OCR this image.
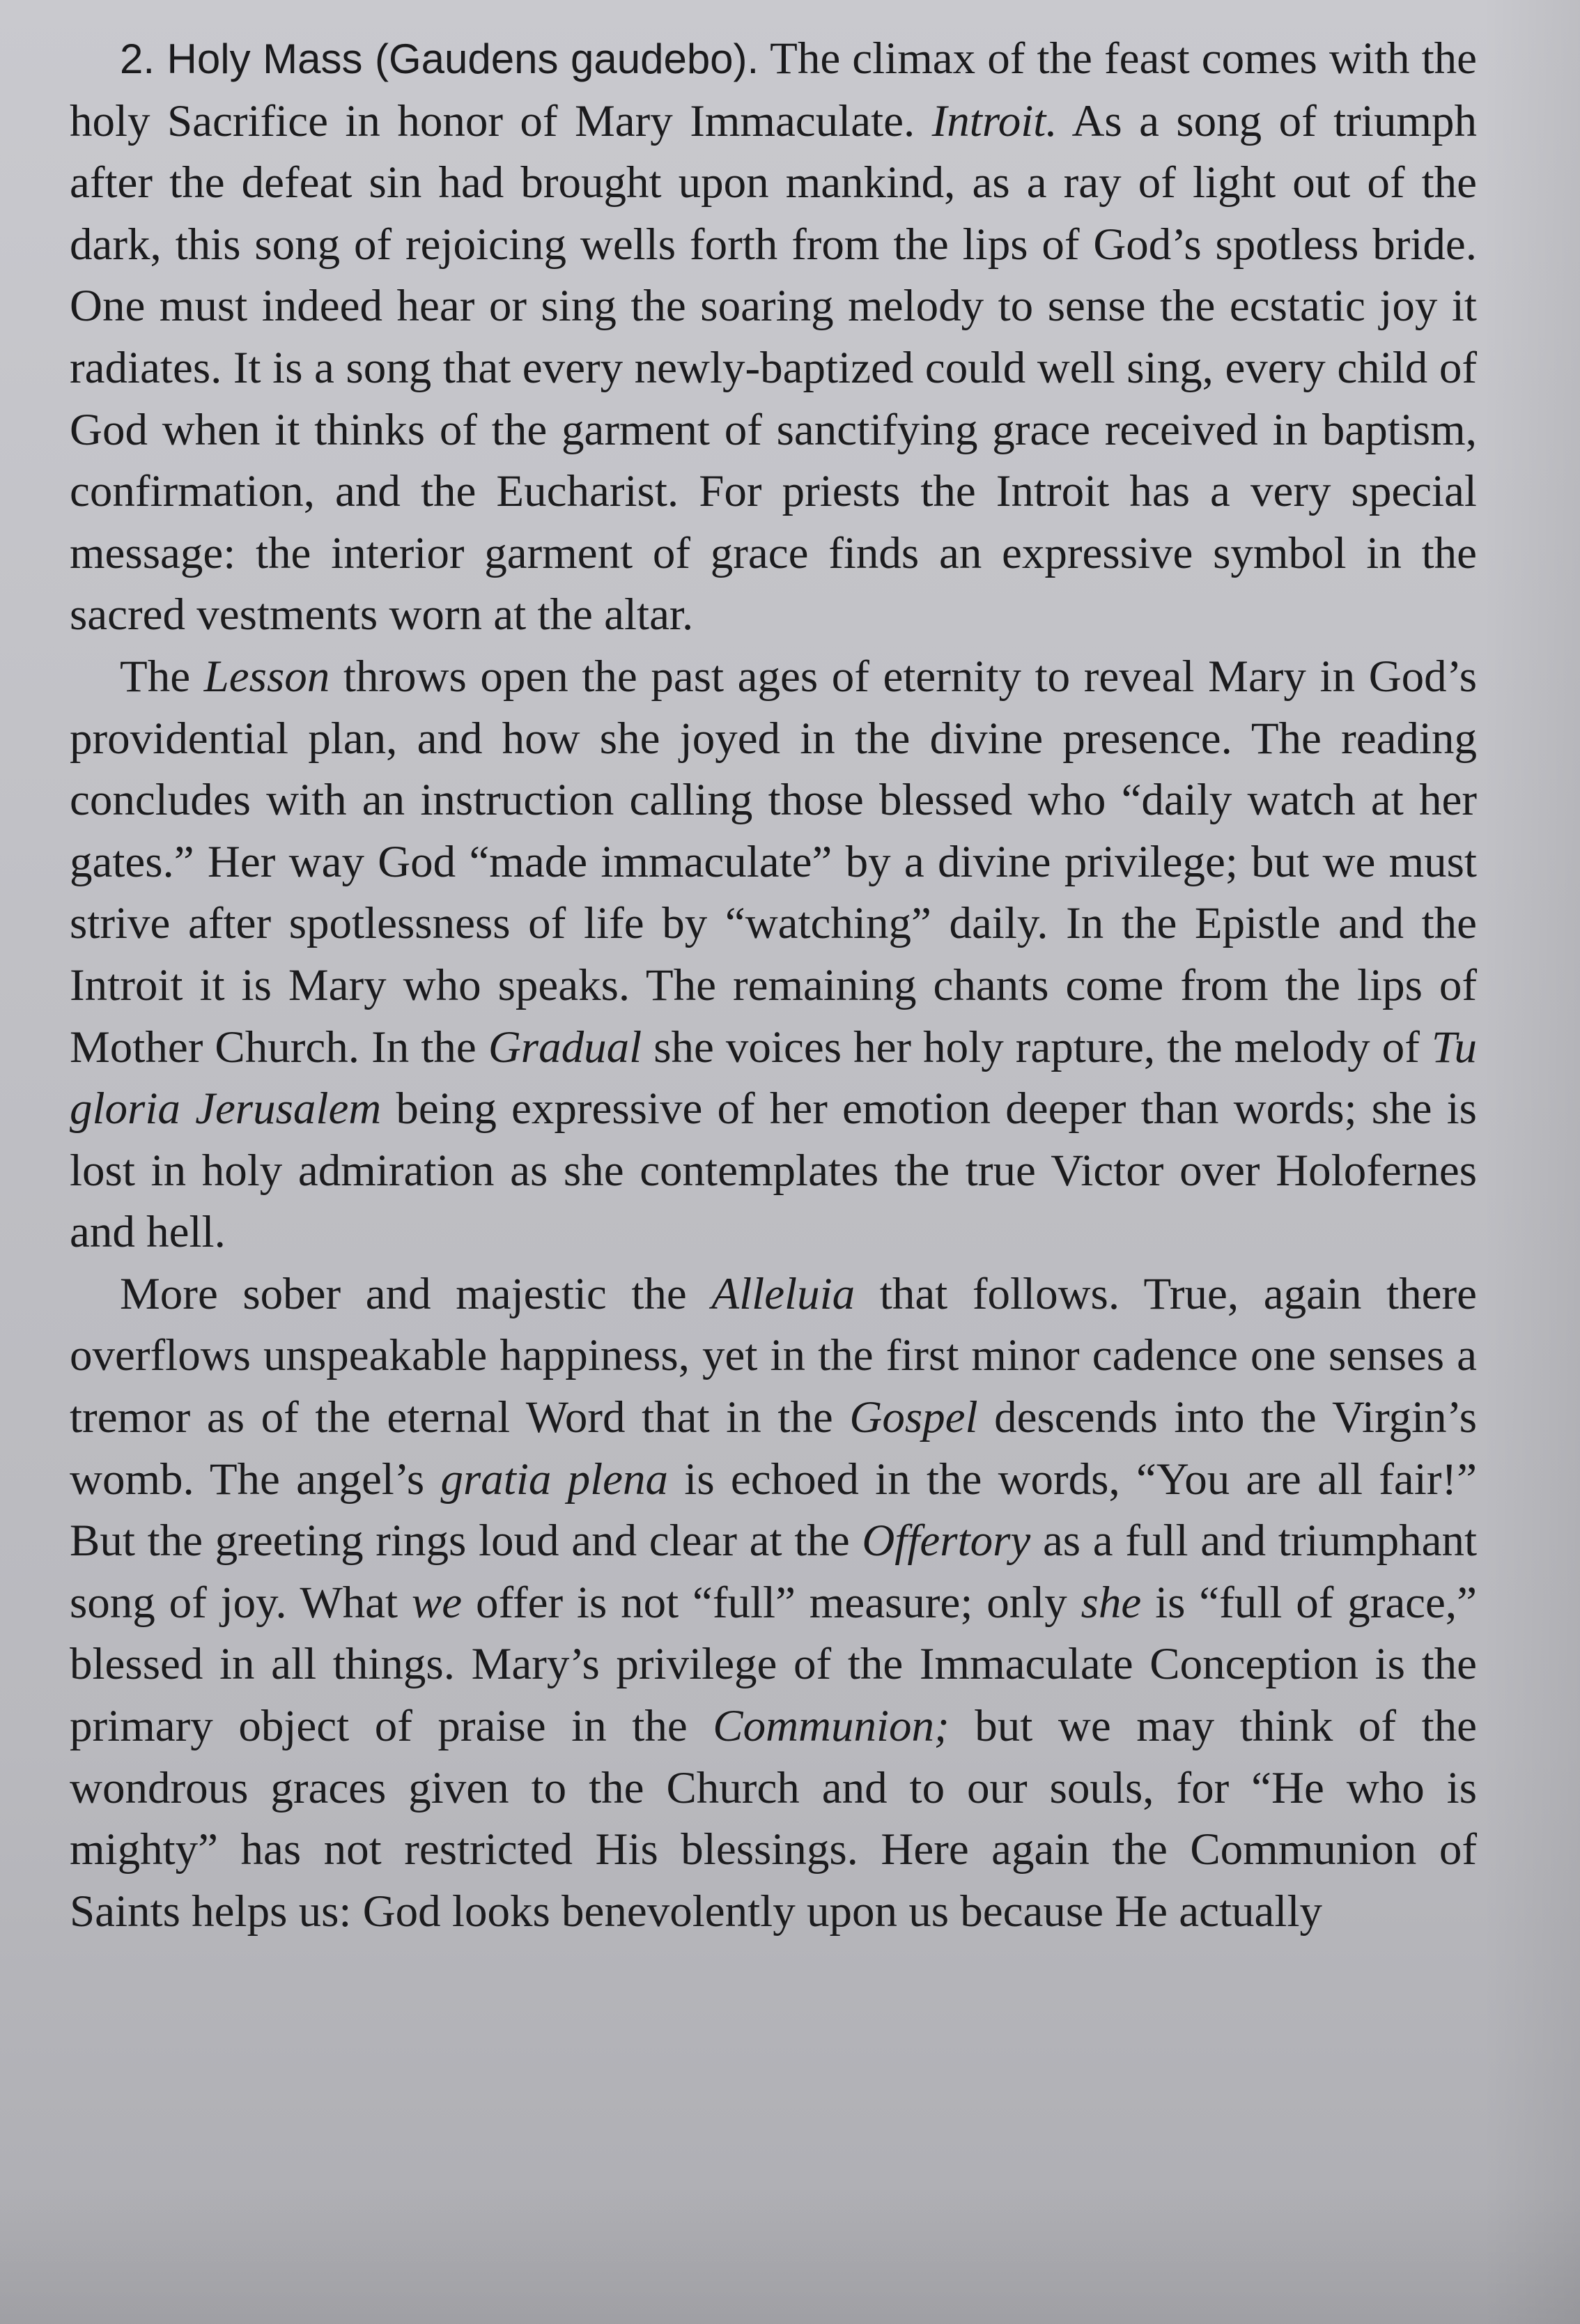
2. Holy Mass (Gaudens gaudebo). The climax of the feast comes with the holy Sacrifice in honor of Mary Immaculate. Introit. As a song of triumph after the defeat sin had brought upon mankind, as a ray of light out of the dark, this song of rejoicing wells forth from the lips of God’s spotless bride. One must indeed hear or sing the soaring melody to sense the ecstatic joy it radiates. It is a song that every newly-baptized could well sing, every child of God when it thinks of the garment of sanctifying grace received in baptism, confirmation, and the Eucharist. For priests the Introit has a very special message: the interior garment of grace finds an expressive symbol in the sacred vestments worn at the altar.

The Lesson throws open the past ages of eternity to reveal Mary in God’s providential plan, and how she joyed in the divine presence. The reading concludes with an instruction calling those blessed who “daily watch at her gates.” Her way God “made immaculate” by a divine privilege; but we must strive after spotlessness of life by “watching” daily. In the Epistle and the Introit it is Mary who speaks. The remaining chants come from the lips of Mother Church. In the Gradual she voices her holy rapture, the melody of Tu gloria Jerusalem being expressive of her emotion deeper than words; she is lost in holy admiration as she contemplates the true Victor over Holofernes and hell.

More sober and majestic the Alleluia that follows. True, again there overflows unspeakable happiness, yet in the first minor cadence one senses a tremor as of the eternal Word that in the Gospel descends into the Virgin’s womb. The angel’s gratia plena is echoed in the words, “You are all fair!” But the greeting rings loud and clear at the Offertory as a full and triumphant song of joy. What we offer is not “full” measure; only she is “full of grace,” blessed in all things. Mary’s privilege of the Immaculate Conception is the primary object of praise in the Communion; but we may think of the wondrous graces given to the Church and to our souls, for “He who is mighty” has not restricted His blessings. Here again the Communion of Saints helps us: God looks benevolently upon us because He actually
